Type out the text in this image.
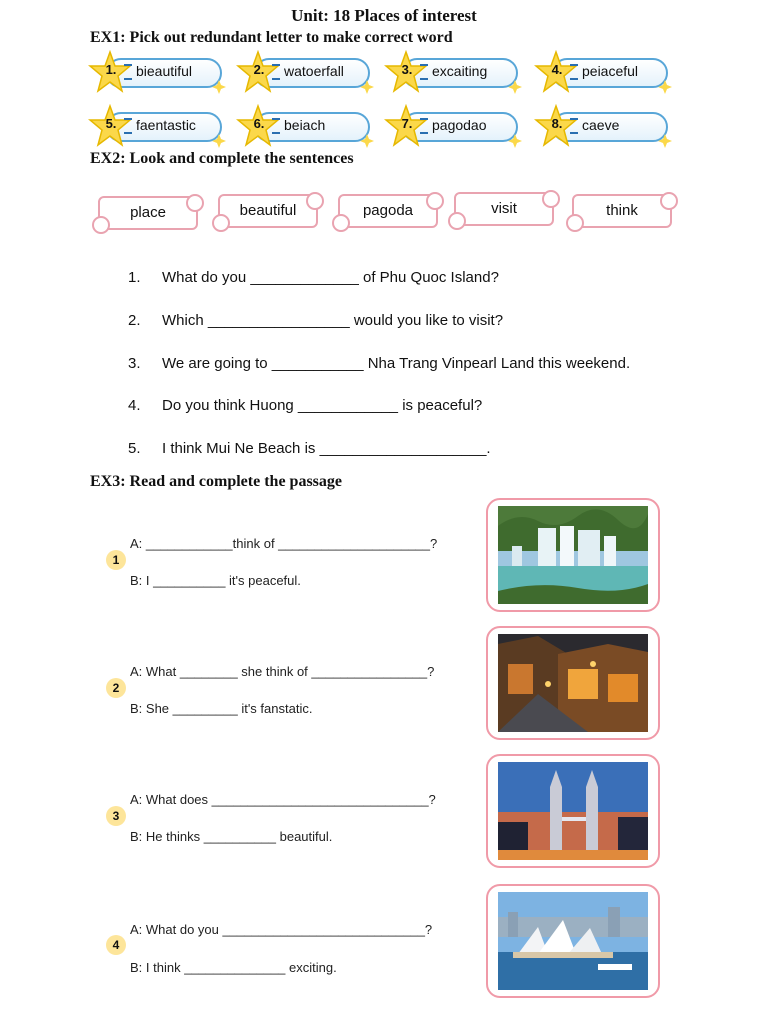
Unit: 18 Places of interest
EX1: Pick out redundant letter to make correct word
1.	bieautiful	2.	watoerfall	3.	excaiting	4.	peiaceful
5.	faentastic	6.	beiach	7.	pagodao	8.	caeve
EX2: Look and complete the sentences
place	beautiful	pagoda	visit	think
1. What do you _____________ of Phu Quoc Island?
2. Which _________________ would you like to visit?
3. We are going to ___________ Nha Trang Vinpearl Land this weekend.
4. Do you think Huong ____________ is peaceful?
5. I think Mui Ne Beach is ____________________.
EX3: Read and complete the passage
A: ____________think of _____________________?
1
B: I __________ it's peaceful.
A: What ________ she think of ________________?
2
B: She _________ it's fanstatic.
A: What does ______________________________?
3
B: He thinks __________ beautiful.
A: What do you ____________________________?
4
B: I think ______________ exciting.
